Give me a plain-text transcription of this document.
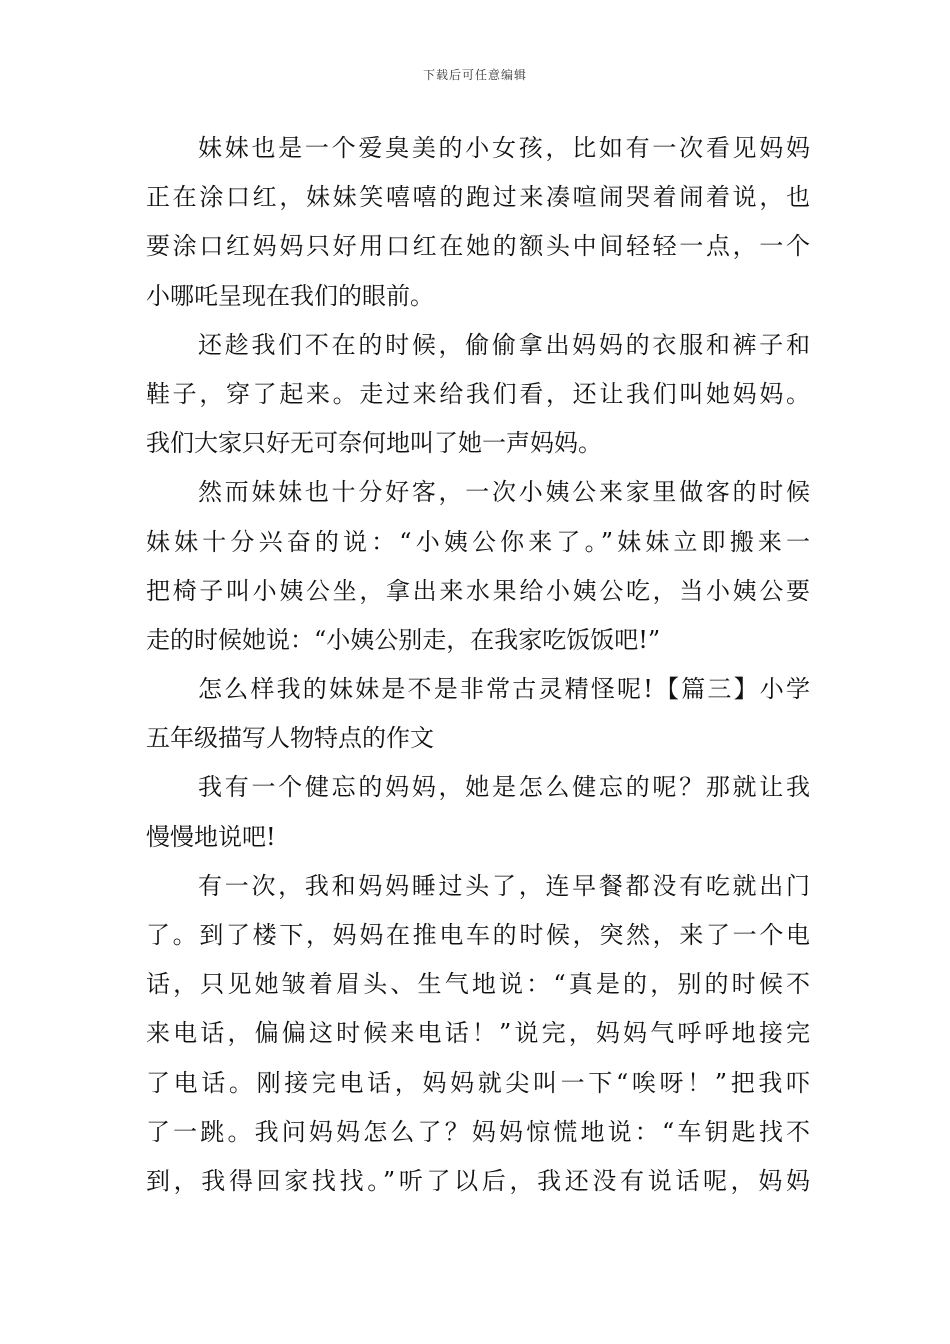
下载后可任意编辑
妹妹也是一个爱臭美的小女孩，比如有一次看见妈妈
正在涂口红，妹妹笑嘻嘻的跑过来凑喧闹哭着闹着说，也
要涂口红妈妈只好用口红在她的额头中间轻轻一点，一个
小哪吒呈现在我们的眼前。
还趁我们不在的时候，偷偷拿出妈妈的衣服和裤子和
鞋子，穿了起来。走过来给我们看，还让我们叫她妈妈。
我们大家只好无可奈何地叫了她一声妈妈。
然而妹妹也十分好客，一次小姨公来家里做客的时候
妹妹十分兴奋的说：“小姨公你来了。”妹妹立即搬来一
把椅子叫小姨公坐，拿出来水果给小姨公吃，当小姨公要
走的时候她说：“小姨公别走，在我家吃饭饭吧!”
怎么样我的妹妹是不是非常古灵精怪呢!【篇三】小学
五年级描写人物特点的作文
我有一个健忘的妈妈，她是怎么健忘的呢？那就让我
慢慢地说吧!
有一次，我和妈妈睡过头了，连早餐都没有吃就出门
了。到了楼下，妈妈在推电车的时候，突然，来了一个电
话，只见她皱着眉头、生气地说：“真是的，别的时候不
来电话，偏偏这时候来电话！”说完，妈妈气呼呼地接完
了电话。刚接完电话，妈妈就尖叫一下“唉呀！”把我吓
了一跳。我问妈妈怎么了？妈妈惊慌地说：“车钥匙找不
到，我得回家找找。”听了以后，我还没有说话呢，妈妈
